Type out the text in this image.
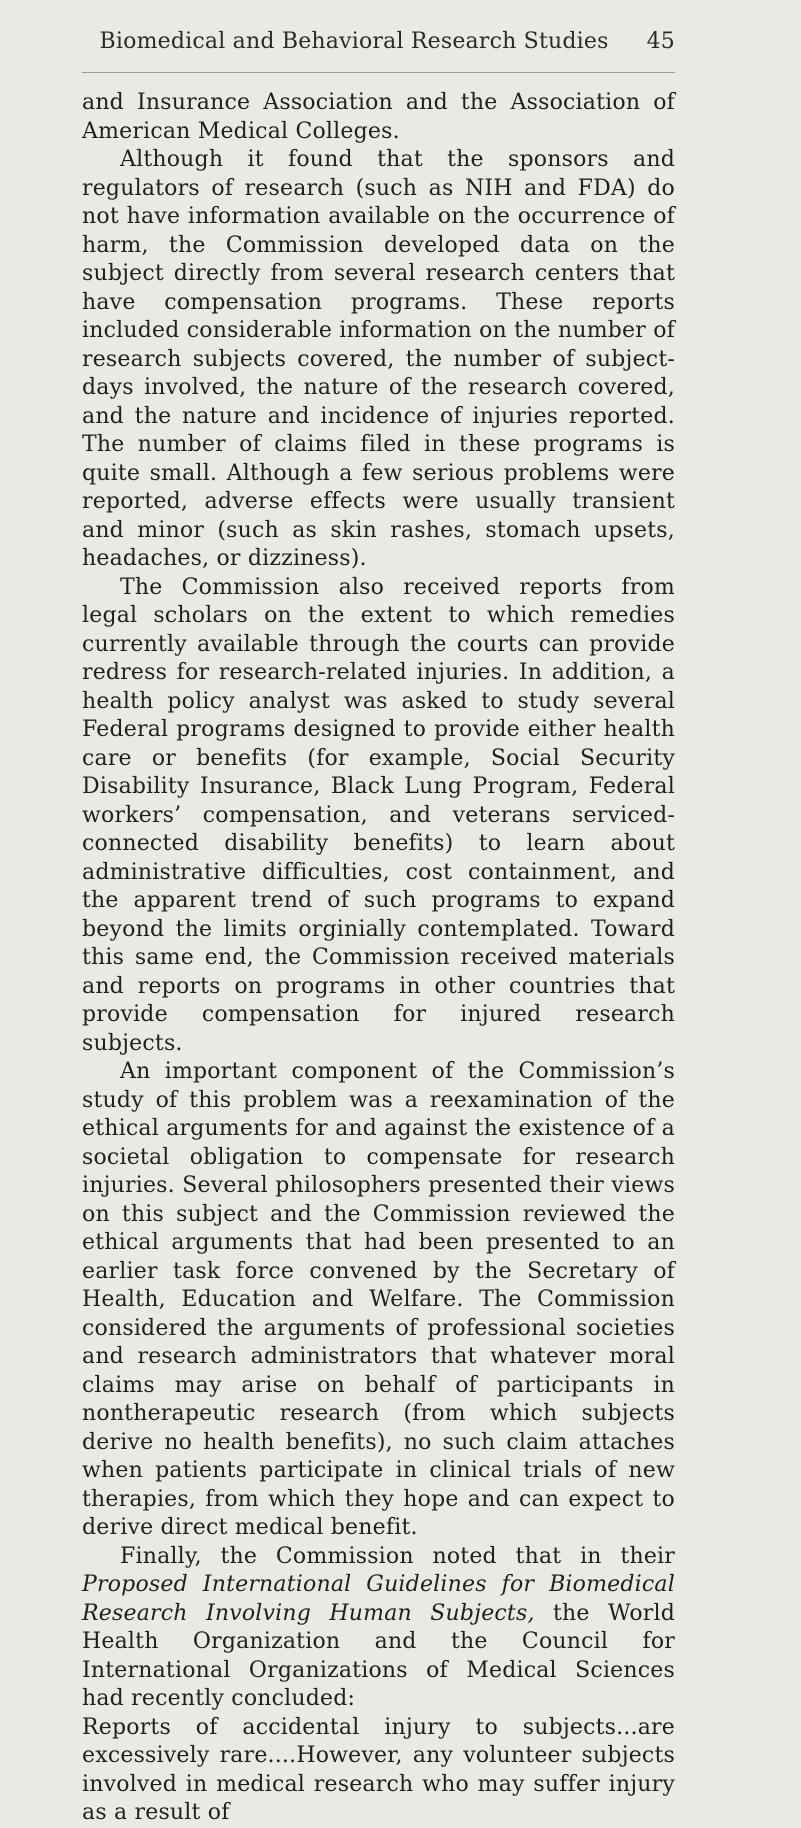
Biomedical and Behavioral Research Studies 45

and Insurance Association and the Association of American Medical Colleges.

Although it found that the sponsors and regulators of research (such as NIH and FDA) do not have information available on the occurrence of harm, the Commission developed data on the subject directly from several research centers that have compensation programs. These reports included considerable information on the number of research subjects covered, the number of subject-days involved, the nature of the research covered, and the nature and incidence of injuries reported. The number of claims filed in these programs is quite small. Although a few serious problems were reported, adverse effects were usually transient and minor (such as skin rashes, stomach upsets, headaches, or dizziness).

The Commission also received reports from legal scholars on the extent to which remedies currently available through the courts can provide redress for research-related injuries. In addition, a health policy analyst was asked to study several Federal programs designed to provide either health care or benefits (for example, Social Security Disability Insurance, Black Lung Program, Federal workers’ compensation, and veterans serviced-connected disability benefits) to learn about administrative difficulties, cost containment, and the apparent trend of such programs to expand beyond the limits orginially contemplated. Toward this same end, the Commission received materials and reports on programs in other countries that provide compensation for injured research subjects.

An important component of the Commission’s study of this problem was a reexamination of the ethical arguments for and against the existence of a societal obligation to compensate for research injuries. Several philosophers presented their views on this subject and the Commission reviewed the ethical arguments that had been presented to an earlier task force convened by the Secretary of Health, Education and Welfare. The Commission considered the arguments of professional societies and research administrators that whatever moral claims may arise on behalf of participants in nontherapeutic research (from which subjects derive no health benefits), no such claim attaches when patients participate in clinical trials of new therapies, from which they hope and can expect to derive direct medical benefit.

Finally, the Commission noted that in their Proposed International Guidelines for Biomedical Research Involving Human Subjects, the World Health Organization and the Council for International Organizations of Medical Sciences had recently concluded:

Reports of accidental injury to subjects...are excessively rare....However, any volunteer subjects involved in medical research who may suffer injury as a result of
